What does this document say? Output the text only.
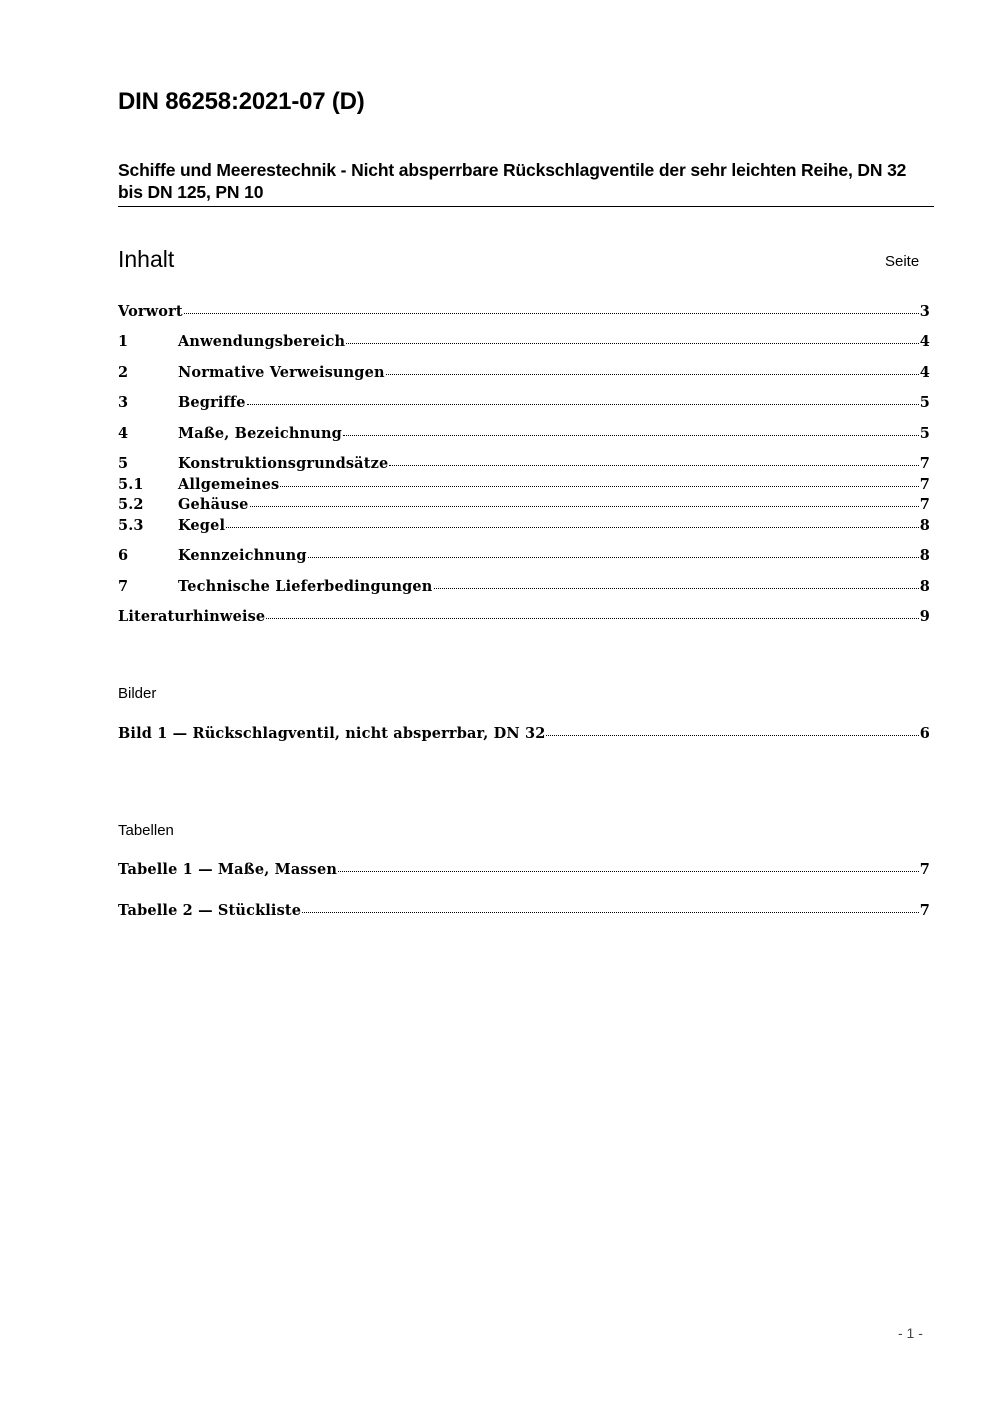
DIN 86258:2021-07 (D)
Schiffe und Meerestechnik - Nicht absperrbare Rückschlagventile der sehr leichten Reihe, DN 32 bis DN 125, PN 10
Inhalt	Seite
Vorwort	3
1	Anwendungsbereich	4
2	Normative Verweisungen	4
3	Begriffe	5
4	Maße, Bezeichnung	5
5	Konstruktionsgrundsätze	7
5.1	Allgemeines	7
5.2	Gehäuse	7
5.3	Kegel	8
6	Kennzeichnung	8
7	Technische Lieferbedingungen	8
Literaturhinweise	9
Bilder
Bild 1 — Rückschlagventil, nicht absperrbar, DN 32	6
Tabellen
Tabelle 1 — Maße, Massen	7
Tabelle 2 — Stückliste	7
- 1 -
